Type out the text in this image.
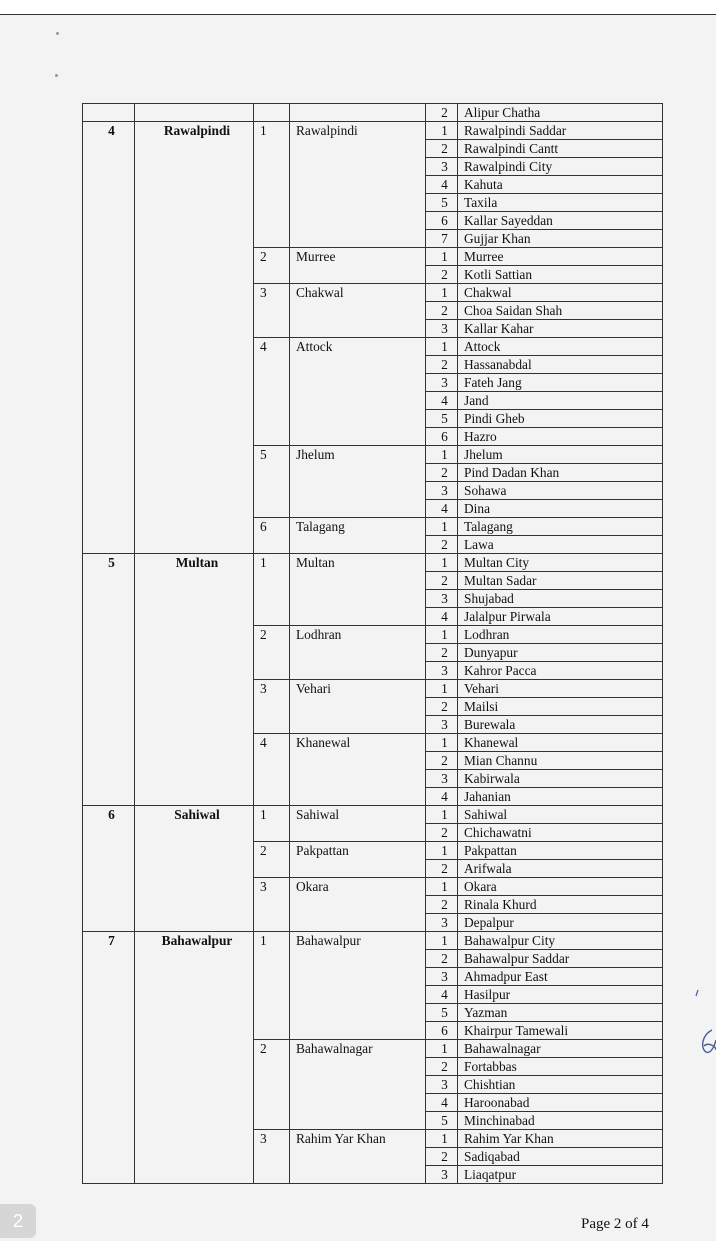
				2	Alipur Chatha
4	Rawalpindi	1	Rawalpindi	1	Rawalpindi Saddar
				2	Rawalpindi Cantt
				3	Rawalpindi City
				4	Kahuta
				5	Taxila
				6	Kallar Sayeddan
				7	Gujjar Khan
		2	Murree	1	Murree
				2	Kotli Sattian
		3	Chakwal	1	Chakwal
				2	Choa Saidan Shah
				3	Kallar Kahar
		4	Attock	1	Attock
				2	Hassanabdal
				3	Fateh Jang
				4	Jand
				5	Pindi Gheb
				6	Hazro
		5	Jhelum	1	Jhelum
				2	Pind Dadan Khan
				3	Sohawa
				4	Dina
		6	Talagang	1	Talagang
				2	Lawa
5	Multan	1	Multan	1	Multan City
				2	Multan Sadar
				3	Shujabad
				4	Jalalpur Pirwala
		2	Lodhran	1	Lodhran
				2	Dunyapur
				3	Kahror Pacca
		3	Vehari	1	Vehari
				2	Mailsi
				3	Burewala
		4	Khanewal	1	Khanewal
				2	Mian Channu
				3	Kabirwala
				4	Jahanian
6	Sahiwal	1	Sahiwal	1	Sahiwal
				2	Chichawatni
		2	Pakpattan	1	Pakpattan
				2	Arifwala
		3	Okara	1	Okara
				2	Rinala Khurd
				3	Depalpur
7	Bahawalpur	1	Bahawalpur	1	Bahawalpur City
				2	Bahawalpur Saddar
				3	Ahmadpur East
				4	Hasilpur
				5	Yazman
				6	Khairpur Tamewali
		2	Bahawalnagar	1	Bahawalnagar
				2	Fortabbas
				3	Chishtian
				4	Haroonabad
				5	Minchinabad
		3	Rahim Yar Khan	1	Rahim Yar Khan
				2	Sadiqabad
				3	Liaqatpur
2	Page 2 of 4
